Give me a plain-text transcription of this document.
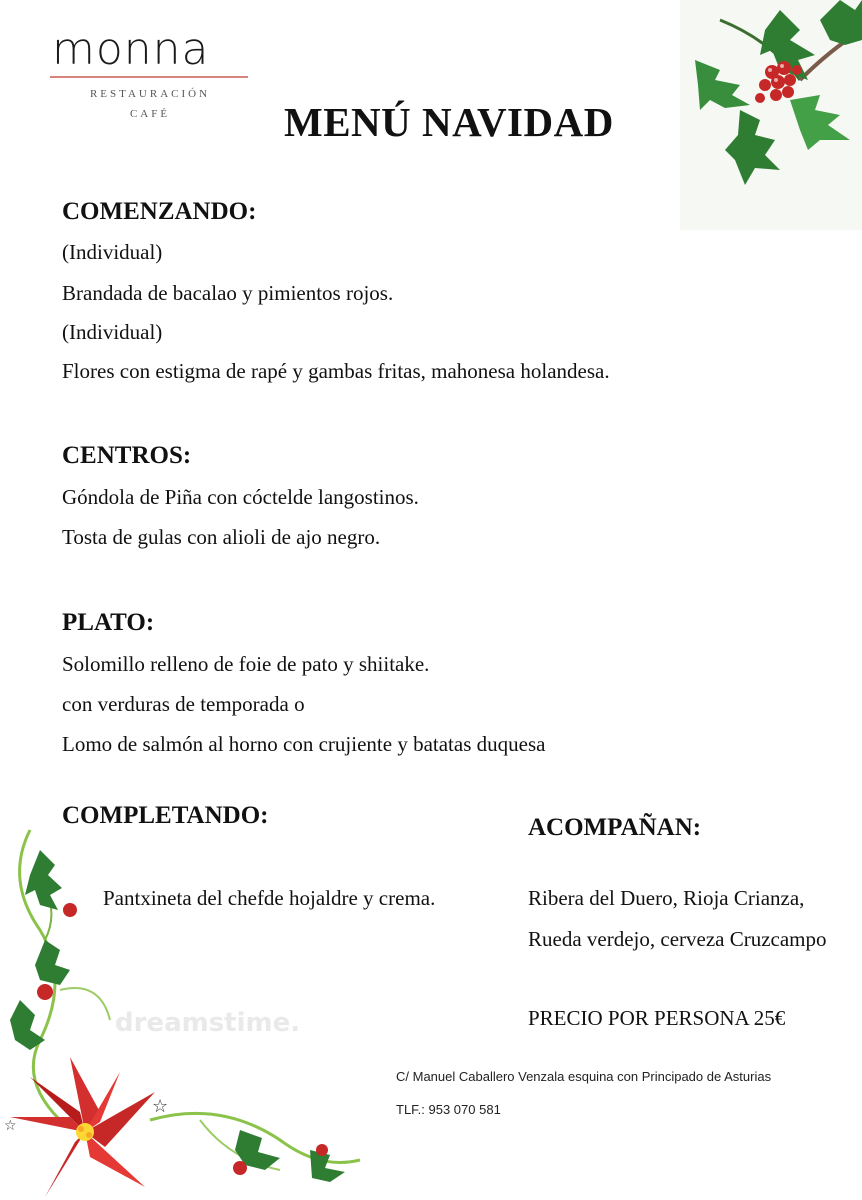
monna
RESTAURACIÓN
CAFÉ	MENÚ NAVIDAD
COMENZANDO:
(Individual)
Brandada de bacalao y pimientos rojos.
(Individual)
Flores con estigma de rapé y gambas fritas, mahonesa holandesa.
CENTROS:
Góndola de Piña con cóctelde langostinos.
Tosta de gulas con alioli de ajo negro.
PLATO:
Solomillo relleno de foie de pato y shiitake.
con verduras de temporada o
Lomo de salmón al horno con crujiente y batatas duquesa
COMPLETANDO:
Pantxineta del chefde hojaldre y crema.
ACOMPAÑAN:
Ribera del Duero, Rioja Crianza,
Rueda verdejo, cerveza Cruzcampo
PRECIO POR PERSONA 25€
C/ Manuel Caballero Venzala esquina con Principado de Asturias
TLF.: 953 070 581
dreamstime.
☆
☆
